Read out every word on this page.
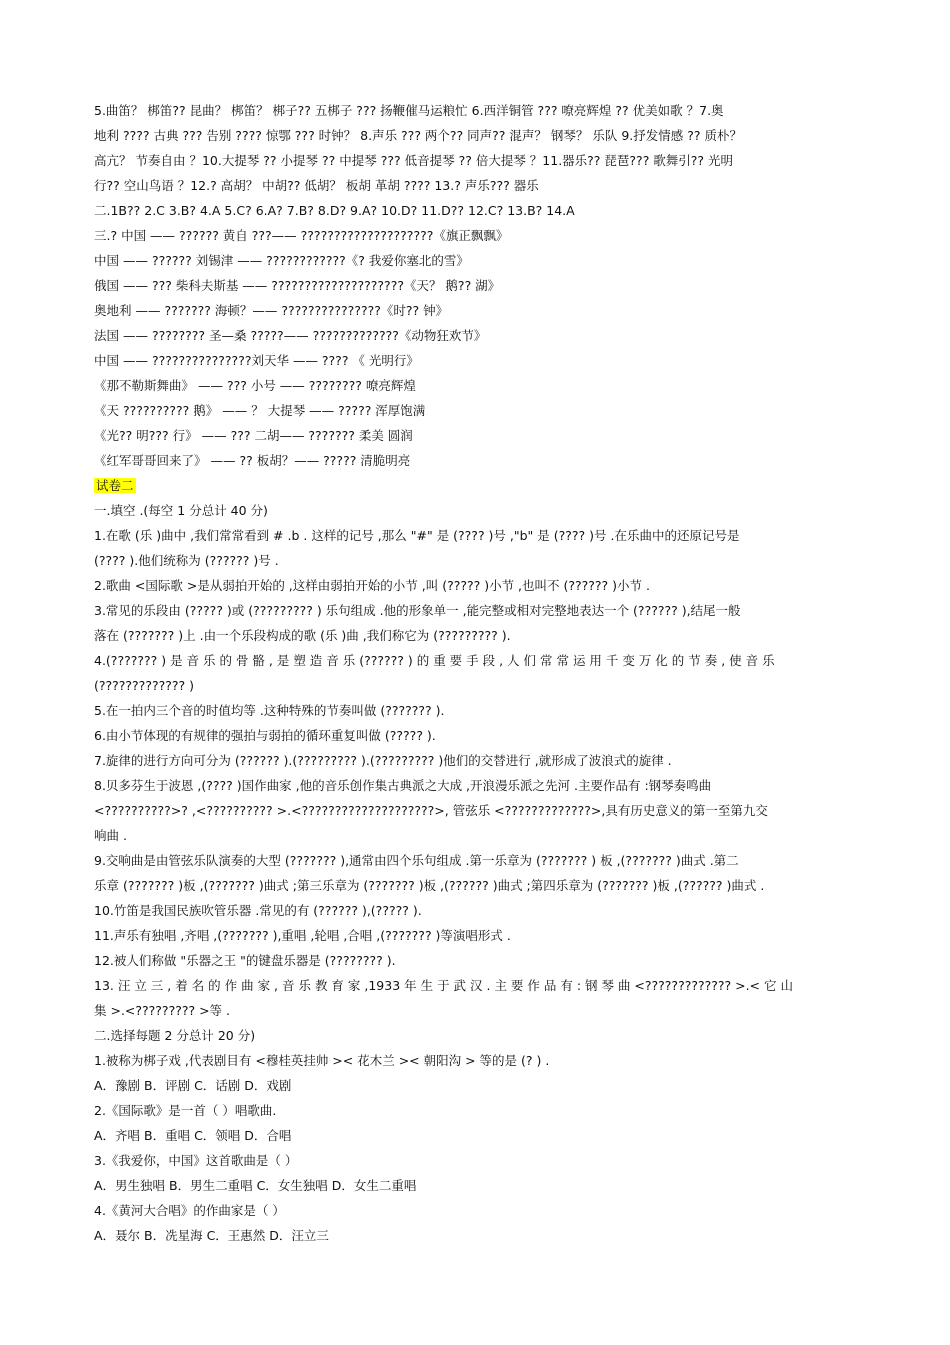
5.曲笛？ 梆笛?? 昆曲？ 梆笛？ 梆子?? 五梆子 ??? 扬鞭催马运粮忙 6.西洋铜管 ??? 嘹亮辉煌 ?? 优美如歌 ？7.奥
地利 ???? 古典 ??? 告别 ???? 惊鄂 ??? 时钟？ 8.声乐 ??? 两个?? 同声?? 混声？ 钢琴？ 乐队 9.抒发情感 ?? 质朴？
高亢？ 节奏自由 ？10.大提琴 ?? 小提琴 ?? 中提琴 ??? 低音提琴 ?? 倍大提琴 ？11.器乐?? 琵琶??? 歌舞引?? 光明
行?? 空山鸟语 ？12.? 高胡？ 中胡?? 低胡？ 板胡 革胡 ???? 13.? 声乐??? 器乐
二.1B?? 2.C 3.B? 4.A 5.C? 6.A? 7.B? 8.D? 9.A? 10.D? 11.D?? 12.C? 13.B? 14.A
三.? 中国 —— ?????? 黄自 ???—— ????????????????????《旗正飘飘》
中国 —— ?????? 刘锡津 —— ????????????《? 我爱你塞北的雪》
俄国 —— ??? 柴科夫斯基 —— ????????????????????《天？ 鹅?? 湖》
奥地利 —— ??????? 海顿？—— ???????????????《时?? 钟》
法国 —— ???????? 圣—桑 ?????—— ?????????????《动物狂欢节》
中国 —— ???????????????刘天华 —— ???? 《 光明行》
《那不勒斯舞曲》 —— ??? 小号 —— ???????? 嘹亮辉煌
《天 ?????????? 鹅》 —— ？ 大提琴 —— ????? 浑厚饱满
《光?? 明??? 行》 —— ??? 二胡—— ??????? 柔美 圆润
《红军哥哥回来了》 —— ?? 板胡？—— ????? 清脆明亮
试卷二
一.填空 .(每空 1 分总计 40 分)
1.在歌 (乐 )曲中 ,我们常常看到 # .b . 这样的记号 ,那么 "#" 是 (???? )号 ,"b" 是 (???? )号 .在乐曲中的还原记号是
(???? ).他们统称为 (?????? )号 .
2.歌曲 <国际歌 >是从弱拍开始的 ,这样由弱拍开始的小节 ,叫 (????? )小节 ,也叫不 (?????? )小节 .
3.常见的乐段由 (????? )或 (????????? ) 乐句组成 .他的形象单一 ,能完整或相对完整地表达一个 (?????? ),结尾一般
落在 (??????? )上 .由一个乐段构成的歌 (乐 )曲 ,我们称它为 (????????? ).
4.(??????? ) 是 音 乐 的 骨 骼 , 是 塑 造 音 乐 (?????? ) 的 重 要 手 段 , 人 们 常 常 运 用 千 变 万 化 的 节 奏 , 使 音 乐
(????????????? )
5.在一拍内三个音的时值均等 .这种特殊的节奏叫做 (??????? ).
6.由小节体现的有规律的强拍与弱拍的循环重复叫做 (????? ).
7.旋律的进行方向可分为 (?????? ).(????????? ).(????????? )他们的交替进行 ,就形成了波浪式的旋律 .
8.贝多芬生于波恩 ,(???? )国作曲家 ,他的音乐创作集古典派之大成 ,开浪漫乐派之先河 .主要作品有 :钢琴奏鸣曲
<??????????>? ,<?????????? >.<????????????????????>, 管弦乐 <?????????????>,具有历史意义的第一至第九交
响曲 .
9.交响曲是由管弦乐队演奏的大型 (??????? ),通常由四个乐句组成 .第一乐章为 (??????? ) 板 ,(??????? )曲式 .第二
乐章 (??????? )板 ,(??????? )曲式 ;第三乐章为 (??????? )板 ,(?????? )曲式 ;第四乐章为 (??????? )板 ,(?????? )曲式 .
10.竹笛是我国民族吹管乐器 .常见的有 (?????? ),(????? ).
11.声乐有独唱 ,齐唱 ,(??????? ),重唱 ,轮唱 ,合唱 ,(??????? )等演唱形式 .
12.被人们称做 "乐器之王 "的键盘乐器是 (???????? ).
13. 汪 立 三 , 着 名 的 作 曲 家 , 音 乐 教 育 家 ,1933 年 生 于 武 汉 . 主 要 作 品 有 : 钢 琴 曲 <????????????? >.< 它 山
集 >.<????????? >等 .
二.选择每题 2 分总计 20 分)
1.被称为梆子戏 ,代表剧目有 <穆桂英挂帅 >< 花木兰 >< 朝阳沟 > 等的是 (? ) .
A．豫剧 B．评剧 C．话剧 D．戏剧
2.《国际歌》是一首（ ）唱歌曲.
A．齐唱 B．重唱 C．领唱 D．合唱
3.《我爱你，中国》这首歌曲是（ ）
A．男生独唱 B．男生二重唱 C．女生独唱 D．女生二重唱
4.《黄河大合唱》的作曲家是（ ）
A．聂尔 B．冼星海 C．王惠然 D．汪立三
